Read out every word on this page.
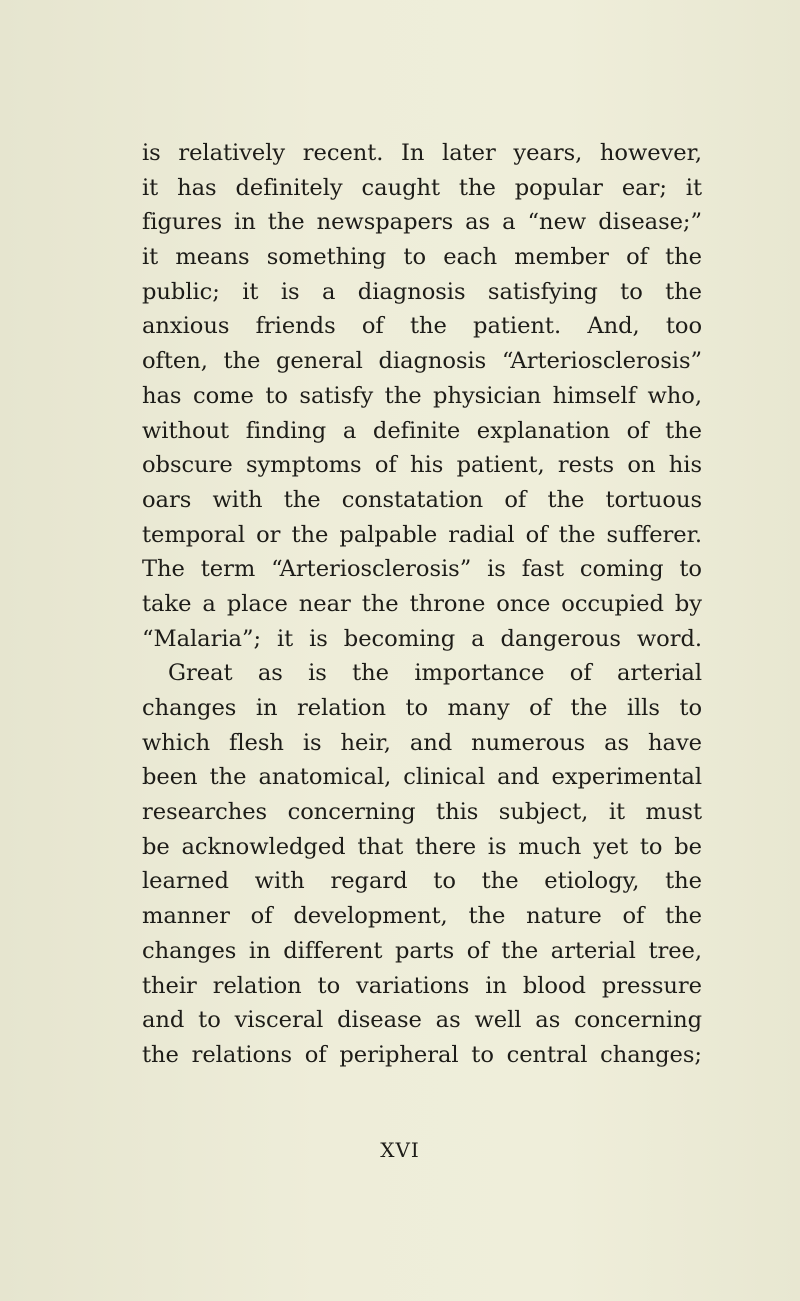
is relatively recent. In later years, however,
it has definitely caught the popular ear; it
figures in the newspapers as a “new disease;”
it means something to each member of the
public; it is a diagnosis satisfying to the
anxious friends of the patient. And, too
often, the general diagnosis “Arteriosclerosis”
has come to satisfy the physician himself who,
without finding a definite explanation of the
obscure symptoms of his patient, rests on his
oars with the constatation of the tortuous
temporal or the palpable radial of the sufferer.
The term “Arteriosclerosis” is fast coming to
take a place near the throne once occupied by
“Malaria”; it is becoming a dangerous word.
Great as is the importance of arterial
changes in relation to many of the ills to
which flesh is heir, and numerous as have
been the anatomical, clinical and experimental
researches concerning this subject, it must
be acknowledged that there is much yet to be
learned with regard to the etiology, the
manner of development, the nature of the
changes in different parts of the arterial tree,
their relation to variations in blood pressure
and to visceral disease as well as concerning
the relations of peripheral to central changes;
XVI
